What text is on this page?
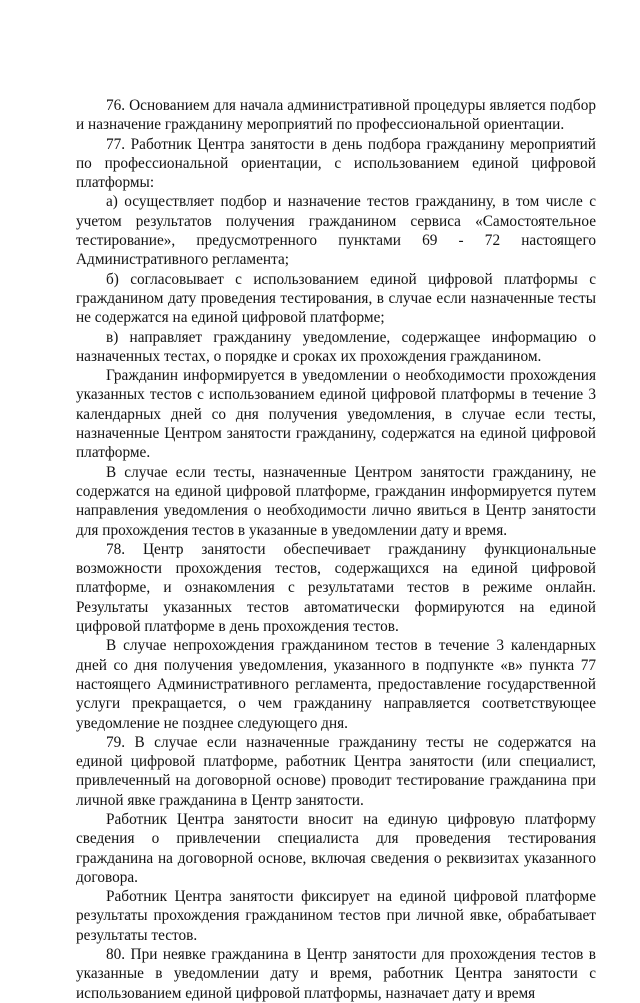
76. Основанием для начала административной процедуры является подбор и назначение гражданину мероприятий по профессиональной ориентации.

77. Работник Центра занятости в день подбора гражданину мероприятий по профессиональной ориентации, с использованием единой цифровой платформы:

а) осуществляет подбор и назначение тестов гражданину, в том числе с учетом результатов получения гражданином сервиса «Самостоятельное тестирование», предусмотренного пунктами 69 - 72 настоящего Административного регламента;

б) согласовывает с использованием единой цифровой платформы с гражданином дату проведения тестирования, в случае если назначенные тесты не содержатся на единой цифровой платформе;

в) направляет гражданину уведомление, содержащее информацию о назначенных тестах, о порядке и сроках их прохождения гражданином.

Гражданин информируется в уведомлении о необходимости прохождения указанных тестов с использованием единой цифровой платформы в течение 3 календарных дней со дня получения уведомления, в случае если тесты, назначенные Центром занятости гражданину, содержатся на единой цифровой платформе.

В случае если тесты, назначенные Центром занятости гражданину, не содержатся на единой цифровой платформе, гражданин информируется путем направления уведомления о необходимости лично явиться в Центр занятости для прохождения тестов в указанные в уведомлении дату и время.

78. Центр занятости обеспечивает гражданину функциональные возможности прохождения тестов, содержащихся на единой цифровой платформе, и ознакомления с результатами тестов в режиме онлайн. Результаты указанных тестов автоматически формируются на единой цифровой платформе в день прохождения тестов.

В случае непрохождения гражданином тестов в течение 3 календарных дней со дня получения уведомления, указанного в подпункте «в» пункта 77 настоящего Административного регламента, предоставление государственной услуги прекращается, о чем гражданину направляется соответствующее уведомление не позднее следующего дня.

79. В случае если назначенные гражданину тесты не содержатся на единой цифровой платформе, работник Центра занятости (или специалист, привлеченный на договорной основе) проводит тестирование гражданина при личной явке гражданина в Центр занятости.

Работник Центра занятости вносит на единую цифровую платформу сведения о привлечении специалиста для проведения тестирования гражданина на договорной основе, включая сведения о реквизитах указанного договора.

Работник Центра занятости фиксирует на единой цифровой платформе результаты прохождения гражданином тестов при личной явке, обрабатывает результаты тестов.

80. При неявке гражданина в Центр занятости для прохождения тестов в указанные в уведомлении дату и время, работник Центра занятости с использованием единой цифровой платформы, назначает дату и время
